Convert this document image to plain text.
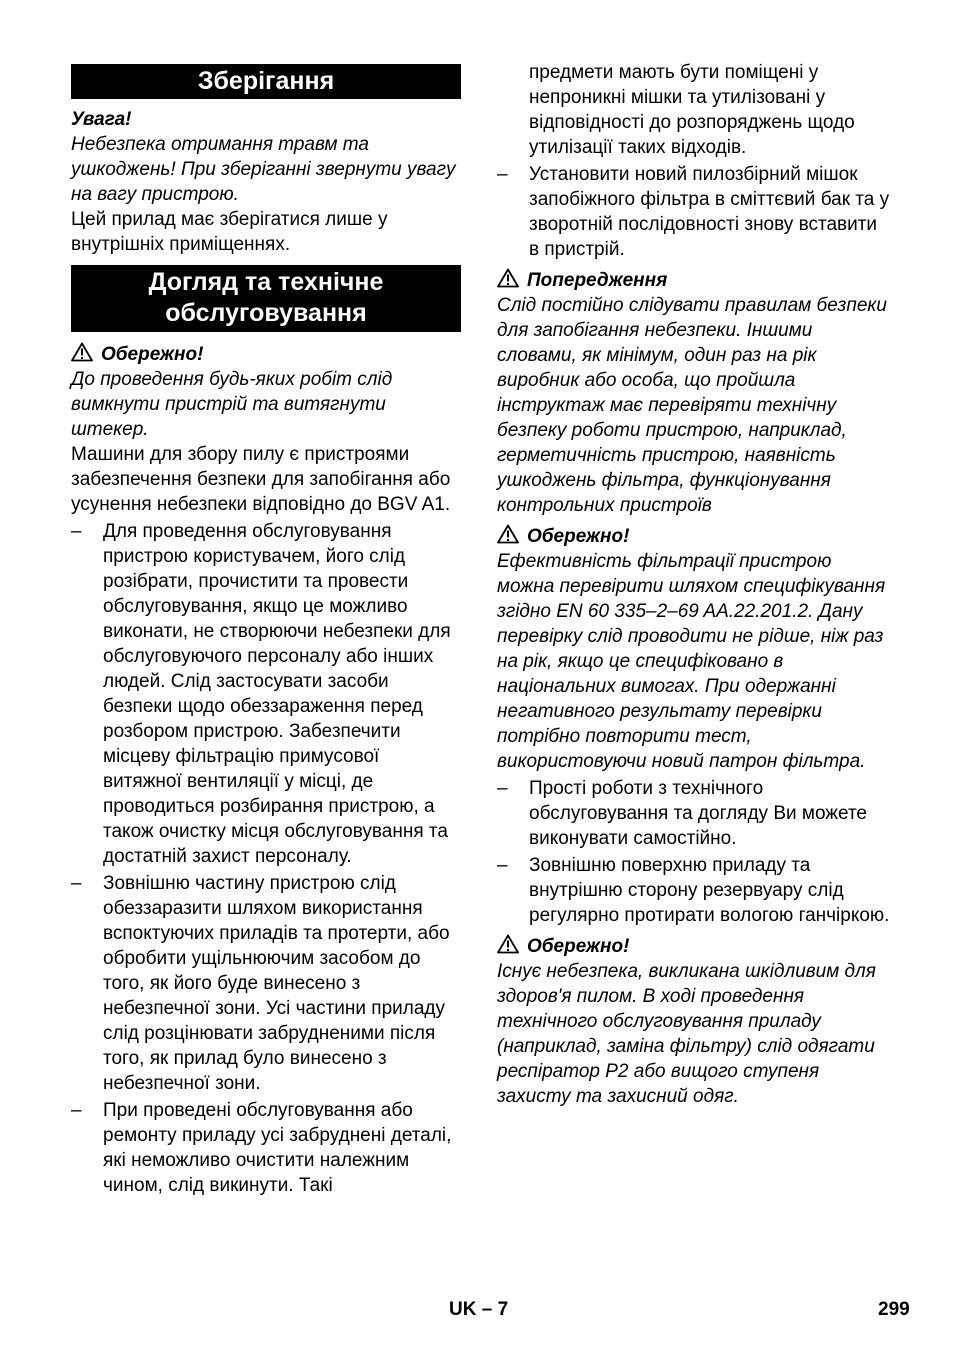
Зберігання
Увага!
Небезпека отримання травм та ушкоджень! При зберіганні звернути увагу на вагу пристрою.
Цей прилад має зберігатися лише у внутрішніх приміщеннях.
Догляд та технічне обслуговування
Обережно!
До проведення будь-яких робіт слід вимкнути пристрій та витягнути штекер.
Машини для збору пилу є пристроями забезпечення безпеки для запобігання або усунення небезпеки відповідно до BGV A1.
–	Для проведення обслуговування пристрою користувачем, його слід розібрати, прочистити та провести обслуговування, якщо це можливо виконати, не створюючи небезпеки для обслуговуючого персоналу або інших людей. Слід застосувати засоби безпеки щодо обеззараження перед розбором пристрою. Забезпечити місцеву фільтрацію примусової витяжної вентиляції у місці, де проводиться розбирання пристрою, а також очистку місця обслуговування та достатній захист персоналу.
–	Зовнішню частину пристрою слід обеззаразити шляхом використання вспоктуючих приладів та протерти, або обробити ущільнюючим засобом до того, як його буде винесено з небезпечної зони. Усі частини приладу слід розцінювати забрудненими після того, як прилад було винесено з небезпечної зони.
–	При проведені обслуговування або ремонту приладу усі забруднені деталі, які неможливо очистити належним чином, слід викинути. Такі
предмети мають бути поміщені у непроникні мішки та утилізовані у відповідності до розпоряджень щодо утилізації таких відходів.
–	Установити новий пилозбірний мішок запобіжного фільтра в сміттєвий бак та у зворотній послідовності знову вставити в пристрій.
Попередження
Слід постійно слідувати правилам безпеки для запобігання небезпеки. Іншими словами, як мінімум, один раз на рік виробник або особа, що пройшла інструктаж має перевіряти технічну безпеку роботи пристрою, наприклад, герметичність пристрою, наявність ушкоджень фільтра, функціонування контрольних пристроїв
Обережно!
Ефективність фільтрації пристрою можна перевірити шляхом специфікування згідно EN 60 335–2–69 AA.22.201.2. Дану перевірку слід проводити не рідше, ніж раз на рік, якщо це специфіковано в національних вимогах. При одержанні негативного результату перевірки потрібно повторити тест, використовуючи новий патрон фільтра.
–	Прості роботи з технічного обслуговування та догляду Ви можете виконувати самостійно.
–	Зовнішню поверхню приладу та внутрішню сторону резервуару слід регулярно протирати вологою ганчіркою.
Обережно!
Існує небезпека, викликана шкідливим для здоров'я пилом. В ході проведення технічного обслуговування приладу (наприклад, заміна фільтру) слід одягати респіратор P2 або вищого ступеня захисту та захисний одяг.
UK – 7	299
